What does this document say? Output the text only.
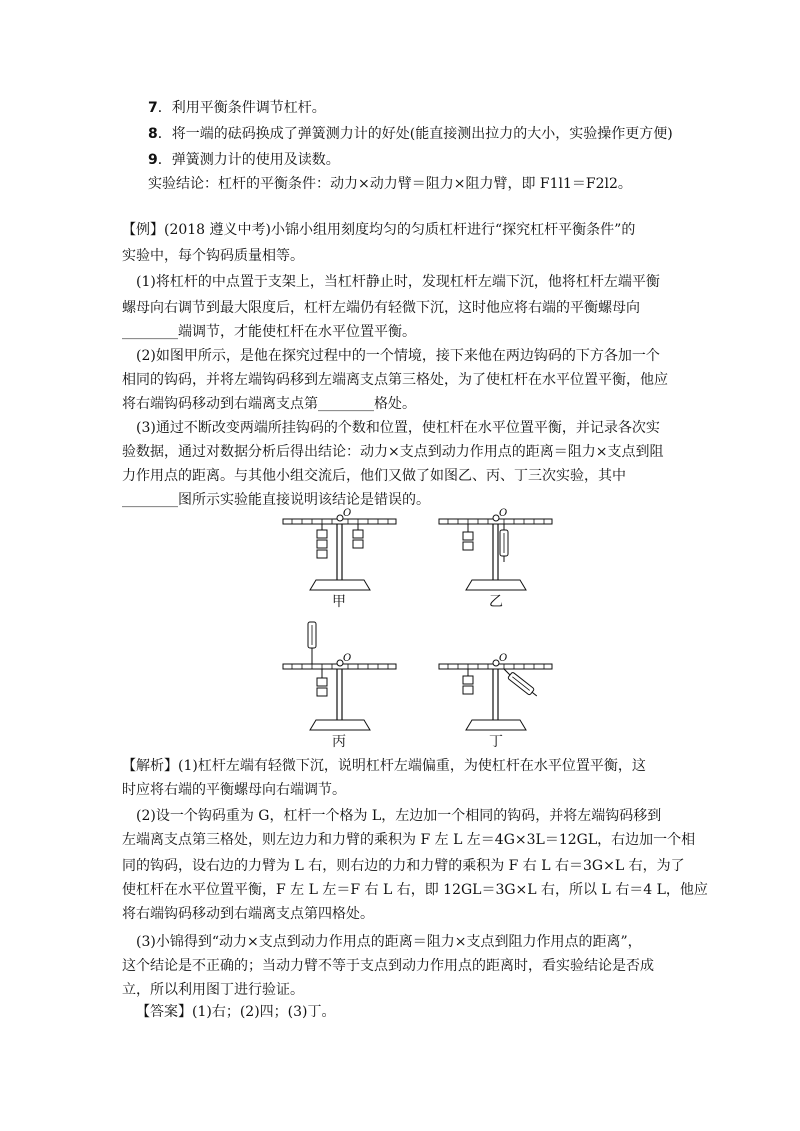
7．利用平衡条件调节杠杆。
8．将一端的砝码换成了弹簧测力计的好处(能直接测出拉力的大小，实验操作更方便)
9．弹簧测力计的使用及读数。
实验结论：杠杆的平衡条件：动力×动力臂＝阻力×阻力臂，即 F1l1＝F2l2。
【例】(2018 遵义中考)小锦小组用刻度均匀的匀质杠杆进行“探究杠杆平衡条件”的
实验中，每个钩码质量相等。
(1)将杠杆的中点置于支架上，当杠杆静止时，发现杠杆左端下沉，他将杠杆左端平衡
螺母向右调节到最大限度后，杠杆左端仍有轻微下沉，这时他应将右端的平衡螺母向
________端调节，才能使杠杆在水平位置平衡。
(2)如图甲所示，是他在探究过程中的一个情境，接下来他在两边钩码的下方各加一个
相同的钩码，并将左端钩码移到左端离支点第三格处，为了使杠杆在水平位置平衡，他应
将右端钩码移动到右端离支点第________格处。
(3)通过不断改变两端所挂钩码的个数和位置，使杠杆在水平位置平衡，并记录各次实
验数据，通过对数据分析后得出结论：动力×支点到动力作用点的距离＝阻力×支点到阻
力作用点的距离。与其他小组交流后，他们又做了如图乙、丙、丁三次实验，其中
________图所示实验能直接说明该结论是错误的。
O
甲
O
乙
O
丙
O
丁
【解析】(1)杠杆左端有轻微下沉，说明杠杆左端偏重，为使杠杆在水平位置平衡，这
时应将右端的平衡螺母向右端调节。
(2)设一个钩码重为 G，杠杆一个格为 L，左边加一个相同的钩码，并将左端钩码移到
左端离支点第三格处，则左边力和力臂的乘积为 F 左 L 左＝4G×3L＝12GL，右边加一个相
同的钩码，设右边的力臂为 L 右，则右边的力和力臂的乘积为 F 右 L 右＝3G×L 右，为了
使杠杆在水平位置平衡，F 左 L 左＝F 右 L 右，即 12GL＝3G×L 右，所以 L 右＝4 L，他应
将右端钩码移动到右端离支点第四格处。
(3)小锦得到“动力×支点到动力作用点的距离＝阻力×支点到阻力作用点的距离”，
这个结论是不正确的；当动力臂不等于支点到动力作用点的距离时，看实验结论是否成
立，所以利用图丁进行验证。
【答案】(1)右；(2)四；(3)丁。
